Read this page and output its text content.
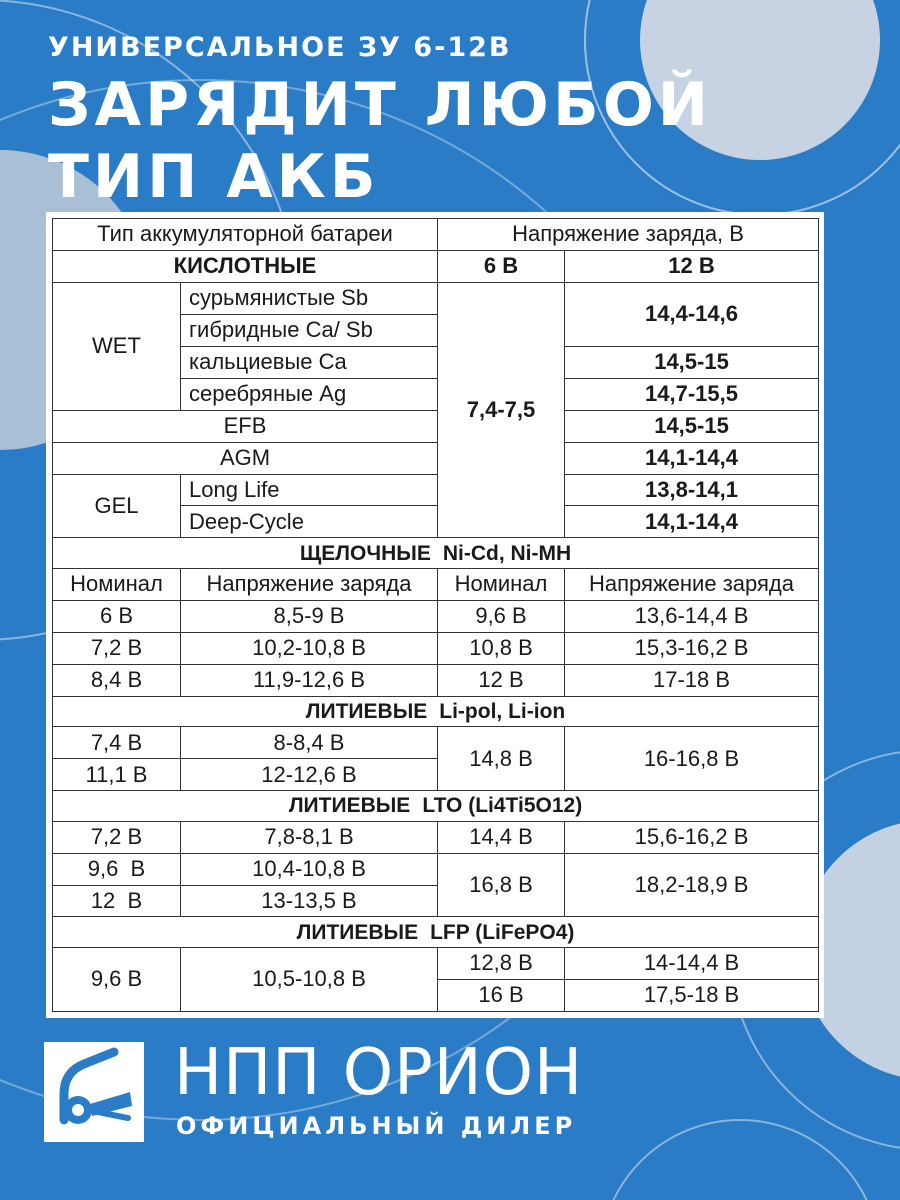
УНИВЕРСАЛЬНОЕ ЗУ 6-12В
ЗАРЯДИТ ЛЮБОЙ
ТИП АКБ
Тип аккумуляторной батареи		Напряжение заряда, В	
КИСЛОТНЫЕ		6 В	12 В
WET	сурьмянистые Sb	7,4-7,5	14,4-14,6
	гибридные Ca/ Sb		
	кальциевые Ca		14,5-15
	серебряные Ag		14,7-15,5
EFB			14,5-15
AGM			14,1-14,4
GEL	Long Life		13,8-14,1
	Deep-Cycle		14,1-14,4
ЩЕЛОЧНЫЕ Ni-Cd, Ni-MH			
Номинал	Напряжение заряда	Номинал	Напряжение заряда
6 В	8,5-9 В	9,6 В	13,6-14,4 В
7,2 В	10,2-10,8 В	10,8 В	15,3-16,2 В
8,4 В	11,9-12,6 В	12 В	17-18 В
ЛИТИЕВЫЕ Li-pol, Li-ion			
7,4 В	8-8,4 В	14,8 В	16-16,8 В
11,1 В	12-12,6 В		
ЛИТИЕВЫЕ LTO (Li4Ti5O12)			
7,2 В	7,8-8,1 В	14,4 В	15,6-16,2 В
9,6  В	10,4-10,8 В	16,8 В	18,2-18,9 В
12  В	13-13,5 В		
ЛИТИЕВЫЕ LFP (LiFePO4)			
9,6 В	10,5-10,8 В	12,8 В	14-14,4 В
		16 В	17,5-18 В
НПП ОРИОН
ОФИЦИАЛЬНЫЙ ДИЛЕР
